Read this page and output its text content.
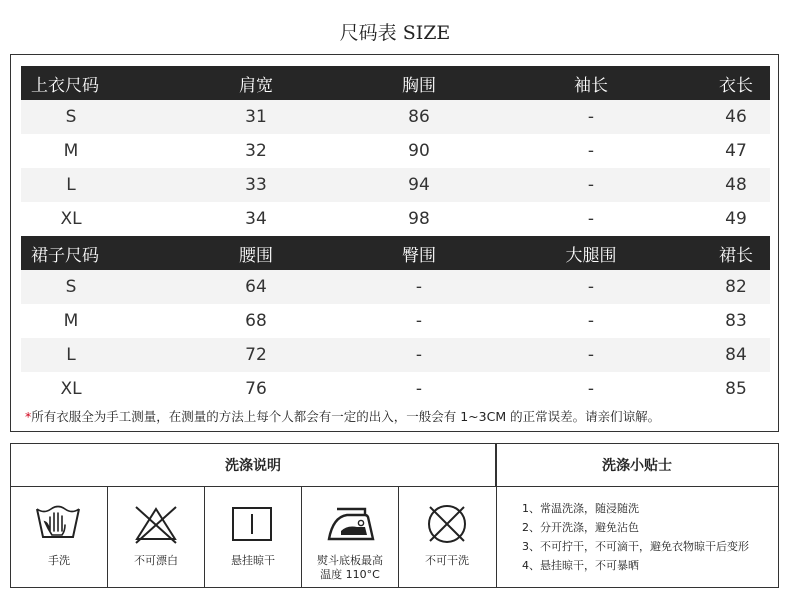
尺码表 SIZE
上衣尺码	肩宽	胸围	袖长	衣长
S	31	86	-	46
M	32	90	-	47
L	33	94	-	48
XL	34	98	-	49
裙子尺码	腰围	臀围	大腿围	裙长
S	64	-	-	82
M	68	-	-	83
L	72	-	-	84
XL	76	-	-	85
*所有衣服全为手工测量，在测量的方法上每个人都会有一定的出入，一般会有 1~3CM 的正常误差。请亲们谅解。
洗涤说明	洗涤小贴士
手洗	不可漂白	悬挂晾干	熨斗底板最高
温度 110°C
不可干洗
1、常温洗涤，随浸随洗
2、分开洗涤，避免沾色
3、不可拧干，不可滴干，避免衣物晾干后变形
4、悬挂晾干，不可暴晒
